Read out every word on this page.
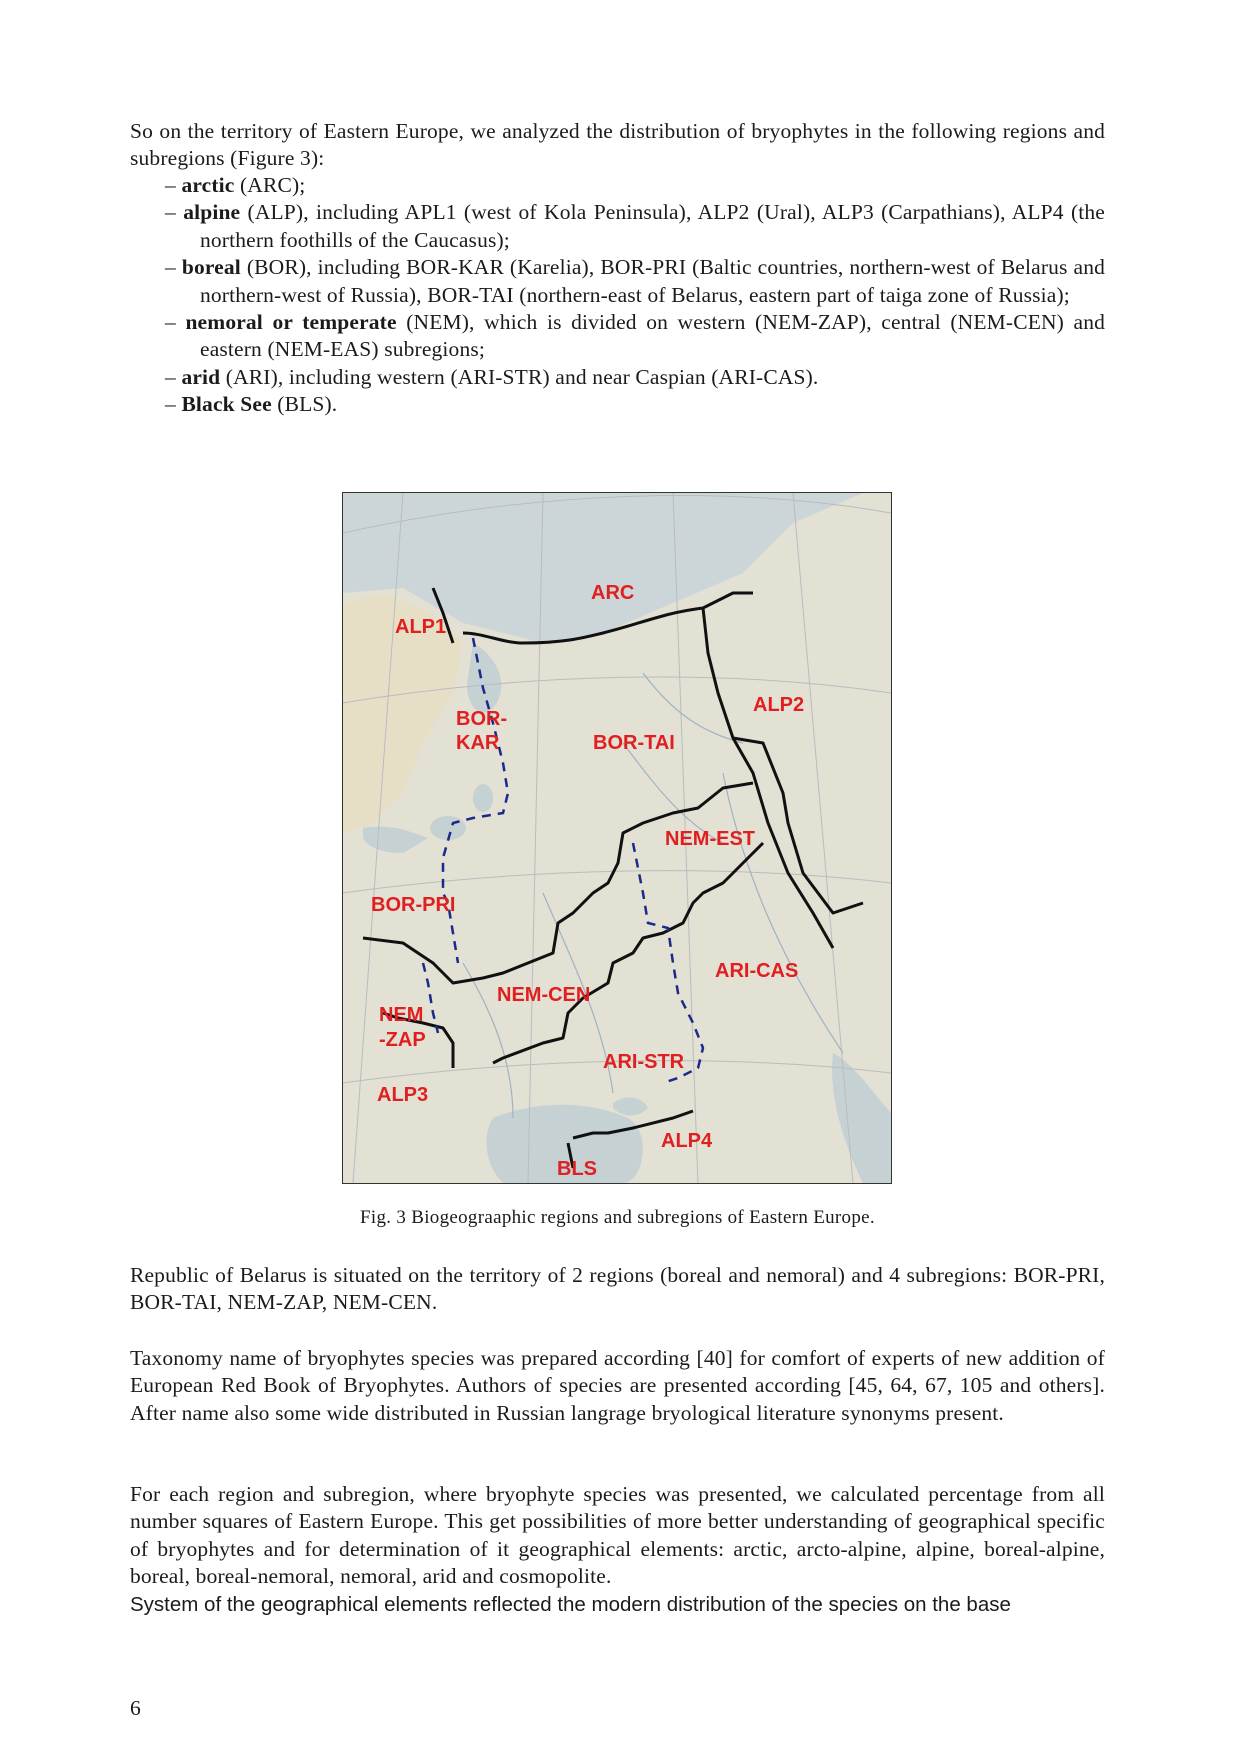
So on the territory of Eastern Europe, we analyzed the distribution of bryophytes in the following regions and subregions (Figure 3):

– arctic (ARC);
– alpine (ALP), including APL1 (west of Kola Peninsula), ALP2 (Ural), ALP3 (Carpathians), ALP4 (the northern foothills of the Caucasus);
– boreal (BOR), including BOR-KAR (Karelia), BOR-PRI (Baltic countries, northern-west of Belarus and northern-west of Russia), BOR-TAI (northern-east of Belarus, eastern part of taiga zone of Russia);
– nemoral or temperate (NEM), which is divided on western (NEM-ZAP), central (NEM-CEN) and eastern (NEM-EAS) subregions;
– arid (ARI), including western (ARI-STR) and near Caspian (ARI-CAS).
– Black See (BLS).
ARC
ALP1
ALP2
BOR-
KAR	BOR-TAI
NEM-EST
BOR-PRI
ARI-CAS
NEM-CEN
NEM
-ZAP
ARI-STR
ALP3
ALP4
BLS
Fig. 3 Biogeograaphic regions and subregions of Eastern Europe.

Republic of Belarus is situated on the territory of 2 regions (boreal and nemoral) and 4 subregions: BOR-PRI, BOR-TAI, NEM-ZAP, NEM-CEN.

Taxonomy name of bryophytes species was prepared according [40] for comfort of experts of new addition of European Red Book of Bryophytes. Authors of species are presented according [45, 64, 67, 105 and others]. After name also some wide distributed in Russian langrage bryological literature synonyms present.

For each region and subregion, where bryophyte species was presented, we calculated percentage from all number squares of Eastern Europe. This get possibilities of more better understanding of geographical specific of bryophytes and for determination of it geographical elements: arctic, arcto-alpine, alpine, boreal-alpine, boreal, boreal-nemoral, nemoral, arid and cosmopolite.

System of the geographical elements reflected the modern distribution of the species on the base

6
